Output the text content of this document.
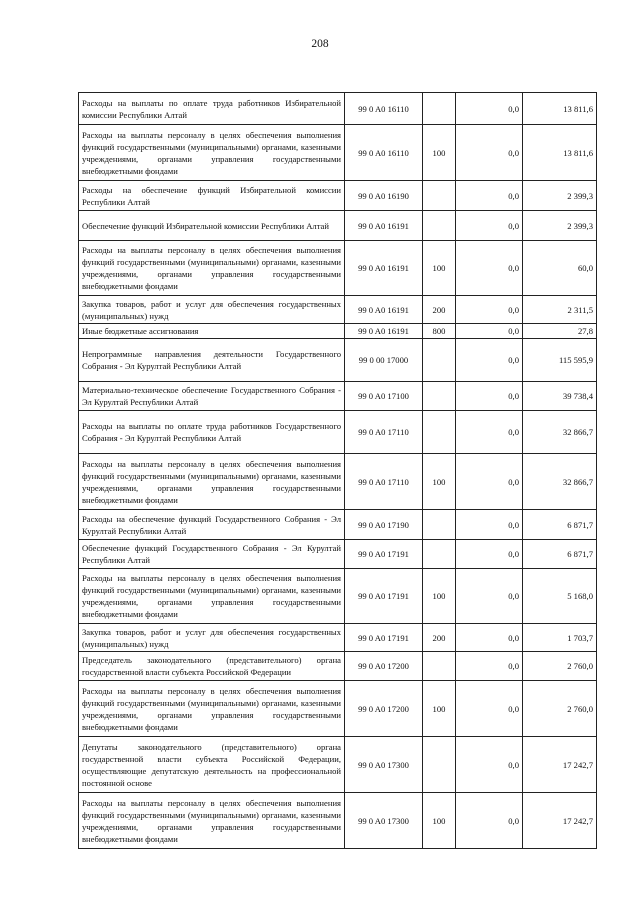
208
Расходы на выплаты по оплате труда работников Избирательной комиссии Республики Алтай	99 0 A0 16110		0,0	13 811,6
Расходы на выплаты персоналу в целях обеспечения выполнения функций государственными (муниципальными) органами, казенными учреждениями, органами управления государственными внебюджетными фондами	99 0 A0 16110	100	0,0	13 811,6
Расходы на обеспечение функций Избирательной комиссии Республики Алтай	99 0 A0 16190		0,0	2 399,3
Обеспечение функций Избирательной комиссии Республики Алтай	99 0 A0 16191		0,0	2 399,3
Расходы на выплаты персоналу в целях обеспечения выполнения функций государственными (муниципальными) органами, казенными учреждениями, органами управления государственными внебюджетными фондами	99 0 A0 16191	100	0,0	60,0
Закупка товаров, работ и услуг для обеспечения государственных (муниципальных) нужд	99 0 A0 16191	200	0,0	2 311,5
Иные бюджетные ассигнования	99 0 A0 16191	800	0,0	27,8
Непрограммные направления деятельности Государственного Собрания - Эл Курултай Республики Алтай	99 0 00 17000		0,0	115 595,9
Материально-техническое обеспечение Государственного Собрания - Эл Курултай Республики Алтай	99 0 A0 17100		0,0	39 738,4
Расходы на выплаты по оплате труда работников Государственного Собрания - Эл Курултай Республики Алтай	99 0 A0 17110		0,0	32 866,7
Расходы на выплаты персоналу в целях обеспечения выполнения функций государственными (муниципальными) органами, казенными учреждениями, органами управления государственными внебюджетными фондами	99 0 A0 17110	100	0,0	32 866,7
Расходы на обеспечение функций Государственного Собрания - Эл Курултай Республики Алтай	99 0 A0 17190		0,0	6 871,7
Обеспечение функций Государственного Собрания - Эл Курултай Республики Алтай	99 0 A0 17191		0,0	6 871,7
Расходы на выплаты персоналу в целях обеспечения выполнения функций государственными (муниципальными) органами, казенными учреждениями, органами управления государственными внебюджетными фондами	99 0 A0 17191	100	0,0	5 168,0
Закупка товаров, работ и услуг для обеспечения государственных (муниципальных) нужд	99 0 A0 17191	200	0,0	1 703,7
Председатель законодательного (представительного) органа государственной власти субъекта Российской Федерации	99 0 A0 17200		0,0	2 760,0
Расходы на выплаты персоналу в целях обеспечения выполнения функций государственными (муниципальными) органами, казенными учреждениями, органами управления государственными внебюджетными фондами	99 0 A0 17200	100	0,0	2 760,0
Депутаты законодательного (представительного) органа государственной власти субъекта Российской Федерации, осуществляющие депутатскую деятельность на профессиональной постоянной основе	99 0 A0 17300		0,0	17 242,7
Расходы на выплаты персоналу в целях обеспечения выполнения функций государственными (муниципальными) органами, казенными учреждениями, органами управления государственными внебюджетными фондами	99 0 A0 17300	100	0,0	17 242,7
